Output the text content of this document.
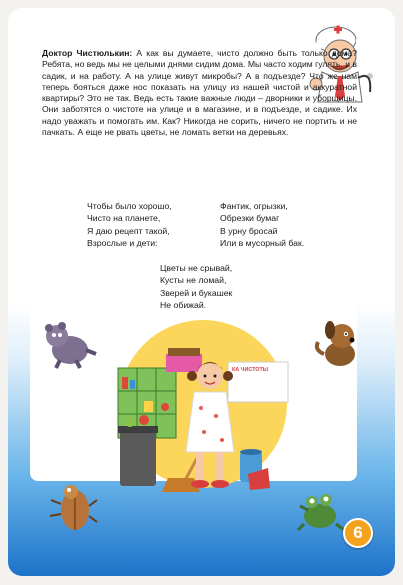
Доктор Чистюлькин: А как вы думаете, чисто должно быть только дома? Ребята, но ведь мы не целыми днями сидим дома. Мы часто ходим гулять, и в садик, и на работу. А на улице живут микробы? А в подъезде? Что же нам теперь бояться даже нос показать на улицу из нашей чистой и аккуратной квартиры? Это не так. Ведь есть такие важные люди – дворники и уборщицы. Они заботятся о чистоте на улице и в магазине, и в подъезде, и садике. Их надо уважать и помогать им. Как? Никогда не сорить, ничего не портить и не пачкать. А еще не рвать цветы, не ломать ветки на деревьях.
Чтобы было хорошо,
Чисто на планете,
Я даю рецепт такой,
Взрослые и дети:
Фантик, огрызки,
Обрезки бумаг
В урну бросай
Или в мусорный бак.
Цветы не срывай,
Кусты не ломай,
Зверей и букашек
Не обижай.
КА ЧИСТОТЫ
6
